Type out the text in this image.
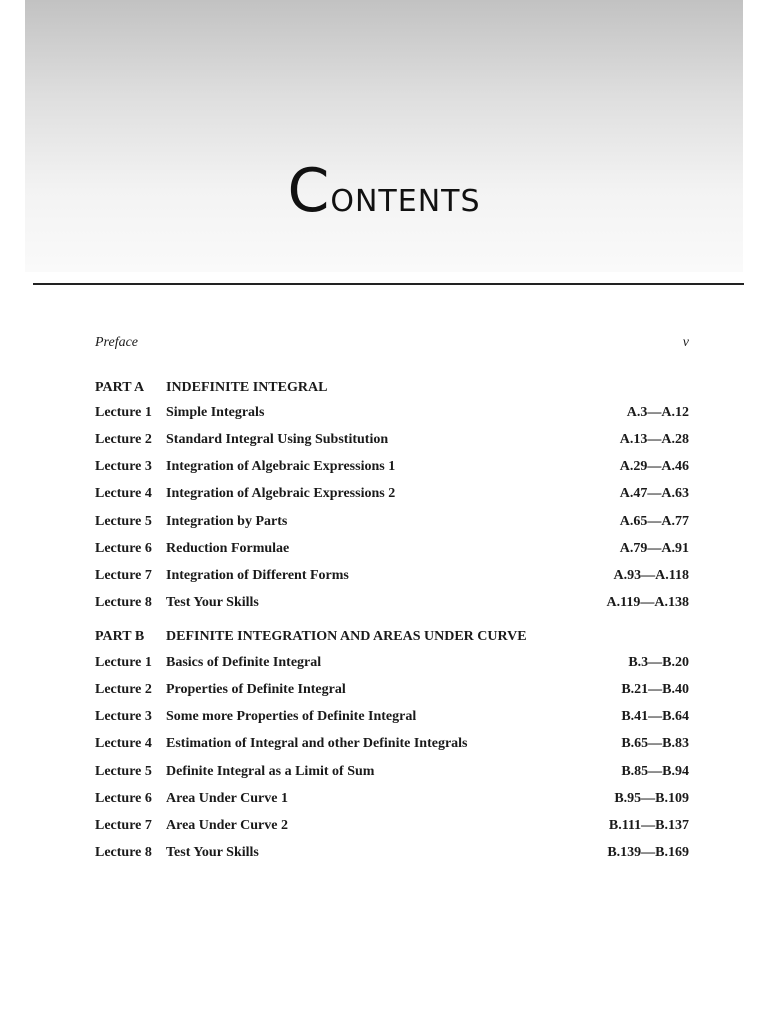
Contents
Preface	v
PART A INDEFINITE INTEGRAL
Lecture 1 Simple Integrals	A.3—A.12
Lecture 2 Standard Integral Using Substitution	A.13—A.28
Lecture 3 Integration of Algebraic Expressions 1	A.29—A.46
Lecture 4 Integration of Algebraic Expressions 2	A.47—A.63
Lecture 5 Integration by Parts	A.65—A.77
Lecture 6 Reduction Formulae	A.79—A.91
Lecture 7 Integration of Different Forms	A.93—A.118
Lecture 8 Test Your Skills	A.119—A.138
PART B DEFINITE INTEGRATION AND AREAS UNDER CURVE
Lecture 1 Basics of Definite Integral	B.3—B.20
Lecture 2 Properties of Definite Integral	B.21—B.40
Lecture 3 Some more Properties of Definite Integral	B.41—B.64
Lecture 4 Estimation of Integral and other Definite Integrals	B.65—B.83
Lecture 5 Definite Integral as a Limit of Sum	B.85—B.94
Lecture 6 Area Under Curve 1	B.95—B.109
Lecture 7 Area Under Curve 2	B.111—B.137
Lecture 8 Test Your Skills	B.139—B.169
